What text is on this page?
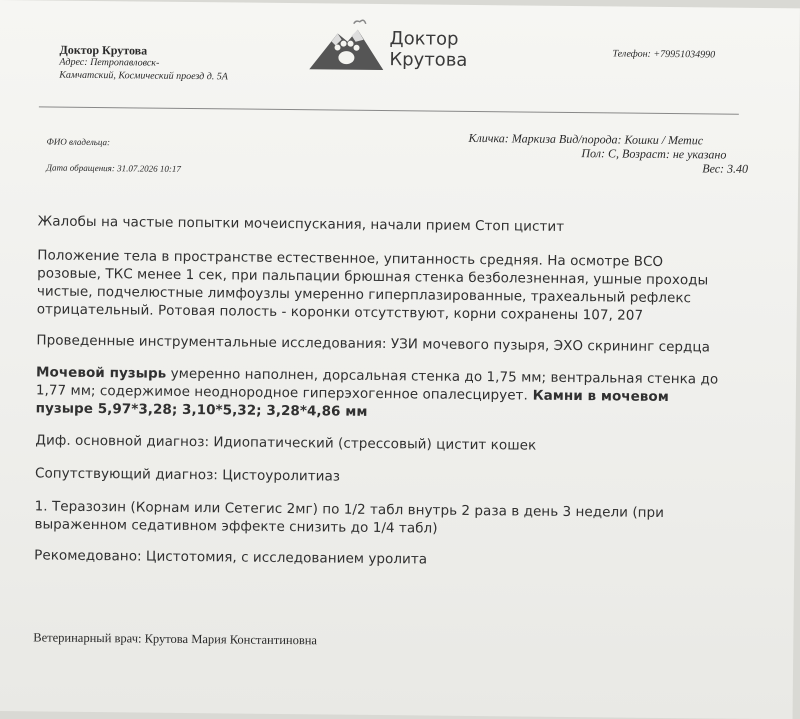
Доктор Крутова
Адрес: Петропавловск-
Камчатский, Космический проезд д. 5А
Телефон: +79951034990
Доктор
Крутова
ФИО владельца:
Дата обращения: 31.07.2026 10:17
Кличка: Маркиза Вид/порода: Кошки / Метис
Пол: С, Возраст: не указано
Вес: 3.40
Жалобы на частые попытки мочеиспускания, начали прием Стоп цистит
Положение тела в пространстве естественное, упитанность средняя. На осмотре ВСО
розовые, ТКС менее 1 сек, при пальпации брюшная стенка безболезненная, ушные проходы
чистые, подчелюстные лимфоузлы умеренно гиперплазированные, трахеальный рефлекс
отрицательный. Ротовая полость - коронки отсутствуют, корни сохранены 107, 207
Проведенные инструментальные исследования: УЗИ мочевого пузыря, ЭХО скрининг сердца
Мочевой пузырь умеренно наполнен, дорсальная стенка до 1,75 мм; вентральная стенка до
1,77 мм; содержимое неоднородное гиперэхогенное опалесцирует. Камни в мочевом
пузыре 5,97*3,28; 3,10*5,32; 3,28*4,86 мм
Диф. основной диагноз: Идиопатический (стрессовый) цистит кошек
Сопутствующий диагноз: Цистоуролитиаз
1. Теразозин (Корнам или Сетегис 2мг) по 1/2 табл внутрь 2 раза в день 3 недели (при
выраженном седативном эффекте снизить до 1/4 табл)
Рекомедовано: Цистотомия, с исследованием уролита
Ветеринарный врач: Крутова Мария Константиновна
